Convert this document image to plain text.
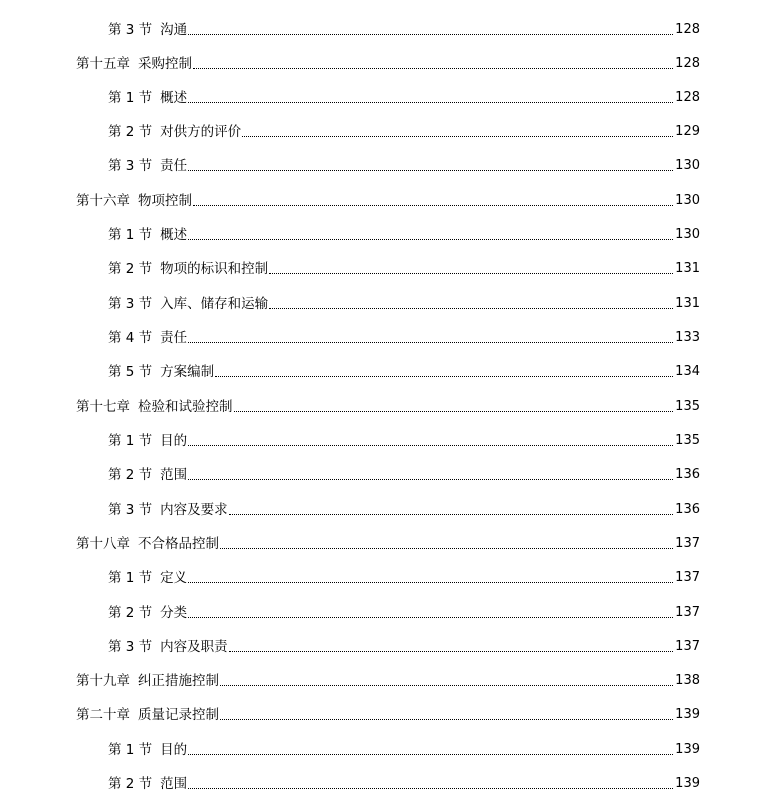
第 3 节 沟通	128
第十五章 采购控制	128
第 1 节 概述	128
第 2 节 对供方的评价	129
第 3 节 责任	130
第十六章 物项控制	130
第 1 节 概述	130
第 2 节 物项的标识和控制	131
第 3 节 入库、储存和运输	131
第 4 节 责任	133
第 5 节 方案编制	134
第十七章 检验和试验控制	135
第 1 节 目的	135
第 2 节 范围	136
第 3 节 内容及要求	136
第十八章 不合格品控制	137
第 1 节 定义	137
第 2 节 分类	137
第 3 节 内容及职责	137
第十九章 纠正措施控制	138
第二十章 质量记录控制	139
第 1 节 目的	139
第 2 节 范围	139
